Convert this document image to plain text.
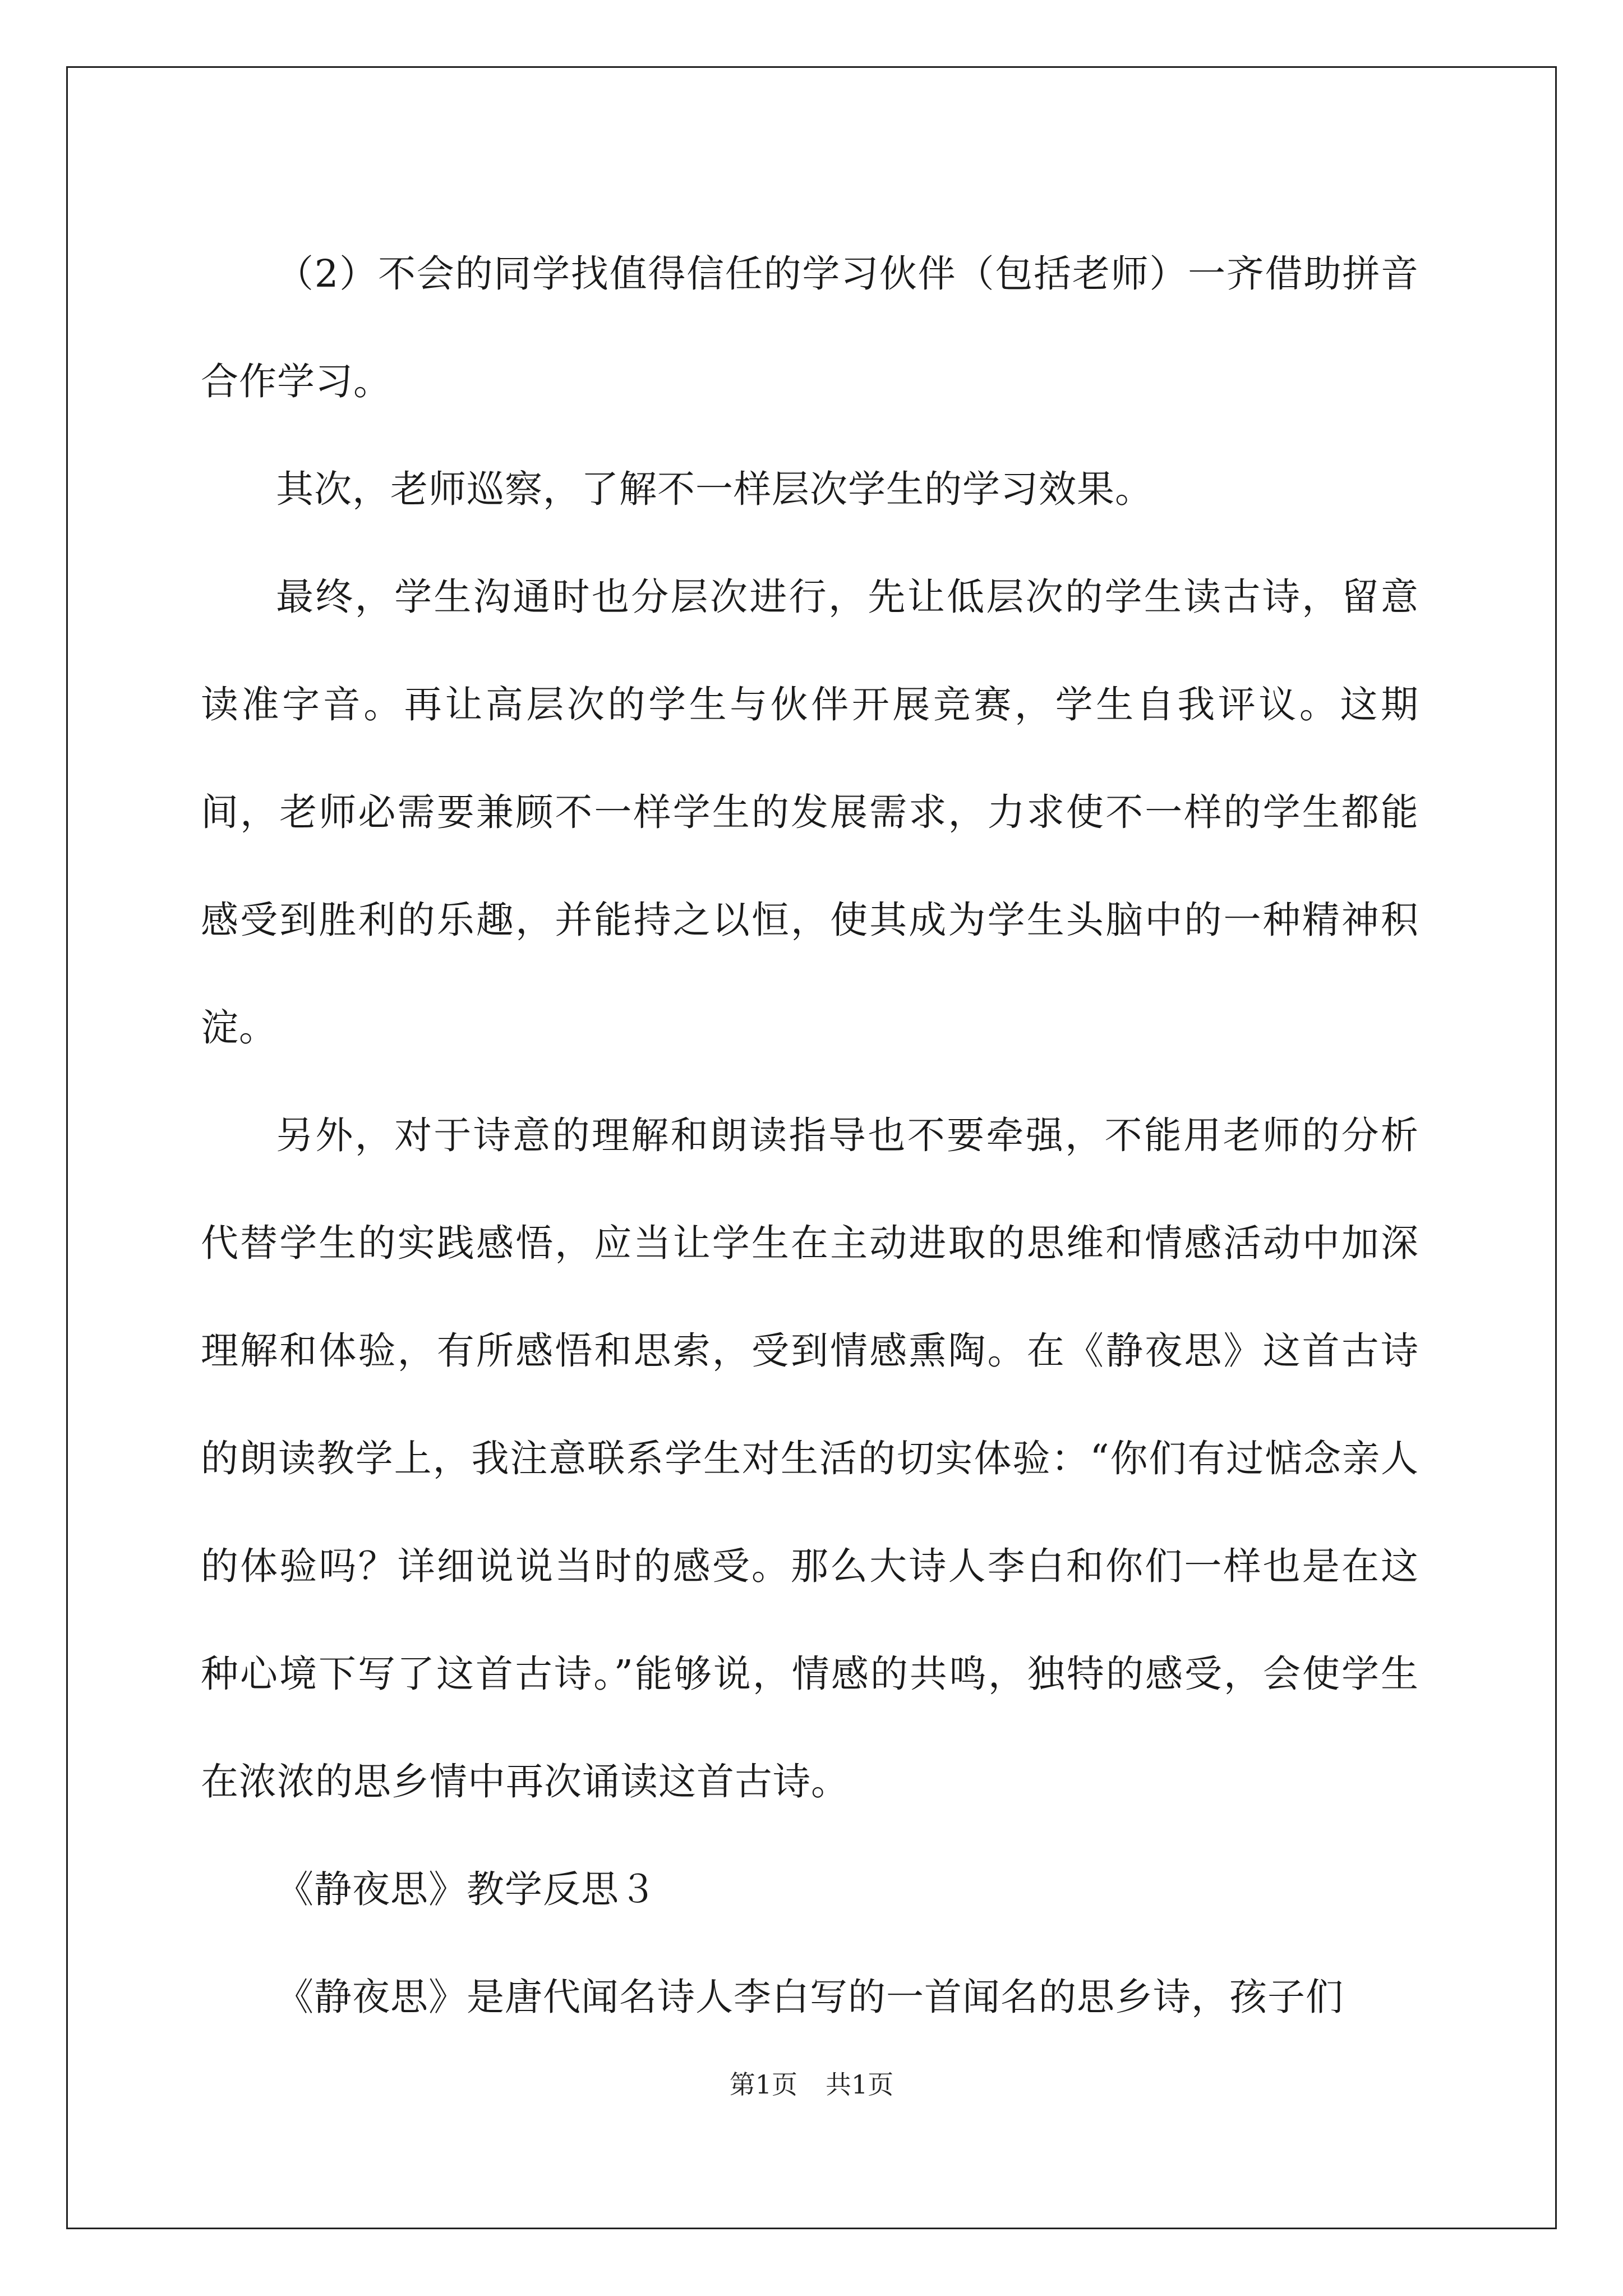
（2）不会的同学找值得信任的学习伙伴（包括老师）一齐借助拼音合作学习。

其次，老师巡察，了解不一样层次学生的学习效果。

最终，学生沟通时也分层次进行，先让低层次的学生读古诗，留意读准字音。再让高层次的学生与伙伴开展竞赛，学生自我评议。这期间，老师必需要兼顾不一样学生的发展需求，力求使不一样的学生都能感受到胜利的乐趣，并能持之以恒，使其成为学生头脑中的一种精神积淀。

另外，对于诗意的理解和朗读指导也不要牵强，不能用老师的分析代替学生的实践感悟，应当让学生在主动进取的思维和情感活动中加深理解和体验，有所感悟和思索，受到情感熏陶。在《静夜思》这首古诗的朗读教学上，我注意联系学生对生活的切实体验：“你们有过惦念亲人的体验吗？详细说说当时的感受。那么大诗人李白和你们一样也是在这种心境下写了这首古诗。”能够说，情感的共鸣，独特的感受，会使学生在浓浓的思乡情中再次诵读这首古诗。

《静夜思》教学反思３

《静夜思》是唐代闻名诗人李白写的一首闻名的思乡诗，孩子们

第1页 共1页
